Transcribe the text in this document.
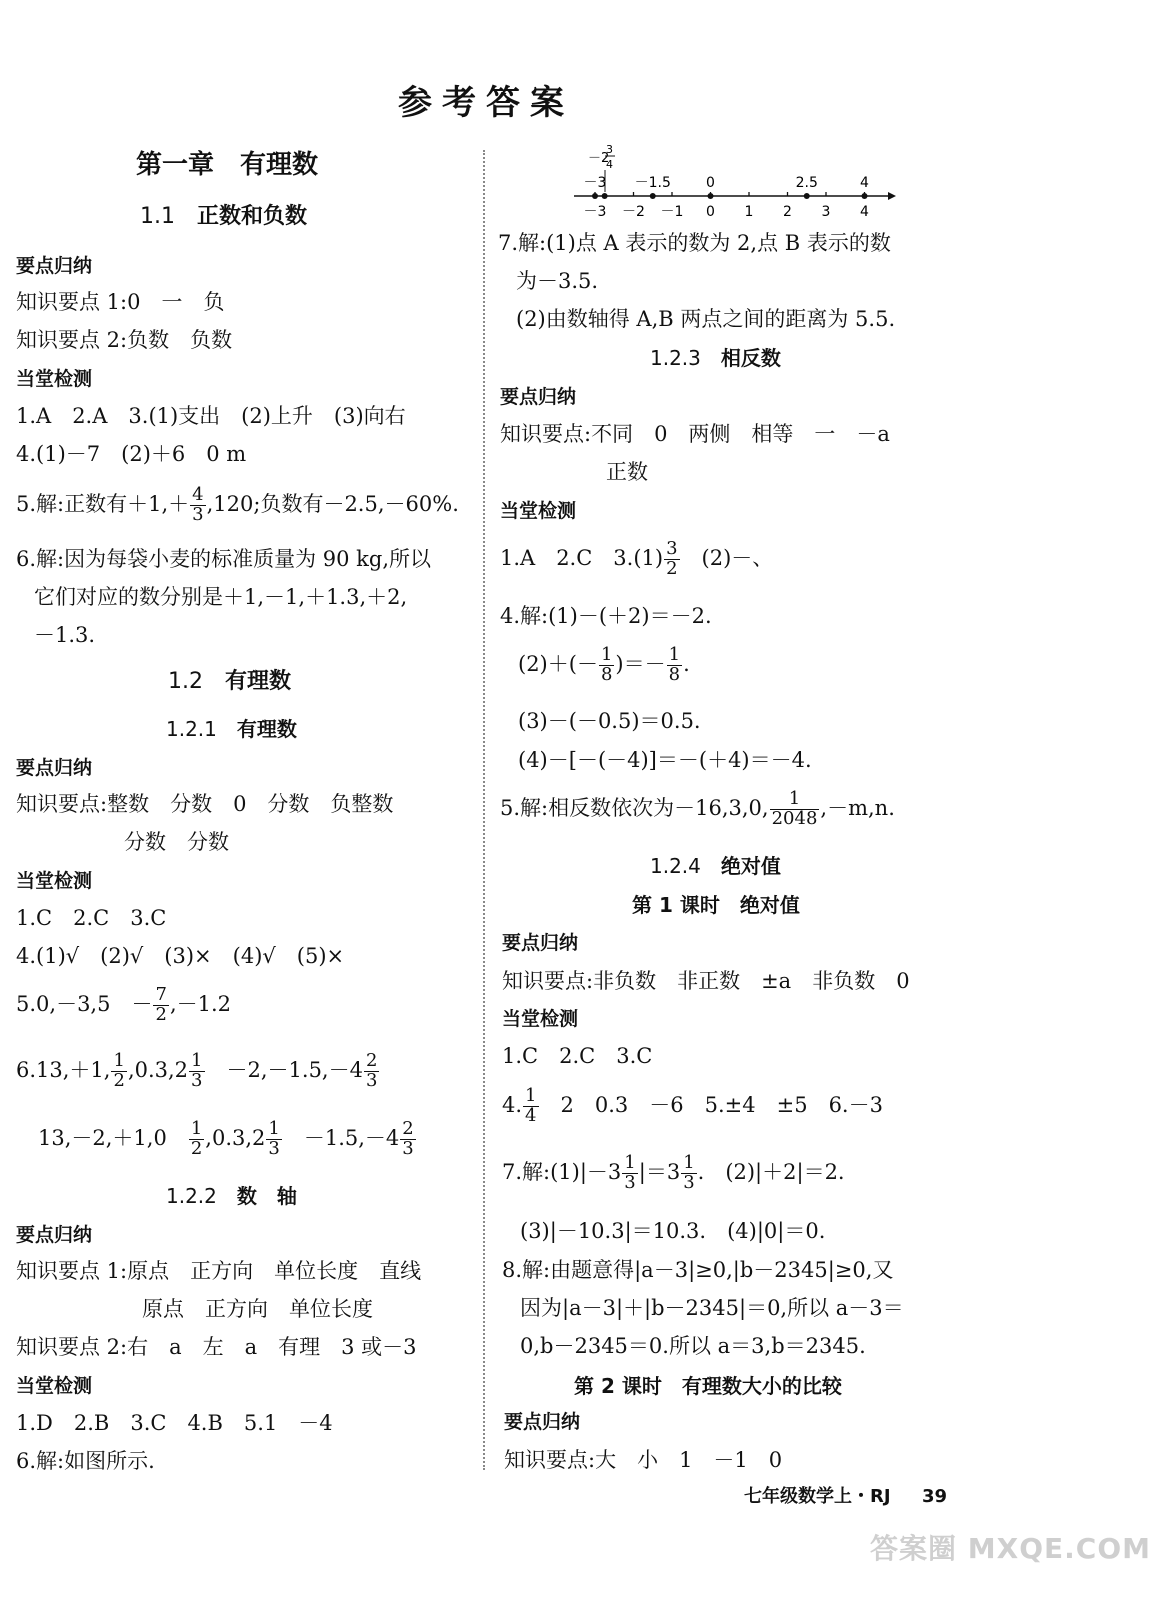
参考答案
第一章　有理数
1.1　 正数和负数
要点归纳
知识要点 1:0　一　负
知识要点 2:负数　负数
当堂检测
1.A　2.A　3.(1)支出　(2)上升　(3)向右
4.(1)－7　(2)＋6　0 m
5.解:正数有$+1,+ \frac{4}{3} ,120$;负数有－2.5,－60%.
6.解:因为每袋小麦的标准质量为 90 kg,所以
它们对应的数分别是＋1,－1,＋1.3,＋2,
－1.3.
1.2　 有理数
1.2.1　 有理数
要点归纳
知识要点:整数　分数　0　分数　负整数
分数　分数
当堂检测
1.C　2.C　3.C
4.(1)√　(2)√　(3)×　(4)√　(5)×
5.0,－3,5　－ $\frac{7}{2} ,-1.2$
6.13,＋1, $\frac{1}{2} ,0.3,2 \frac{1}{3}$ 　$-2,-1.5,-4 \frac{2}{3}$
13,－2,＋1,0　 $\frac{1}{2} ,0.3,2 \frac{1}{3}$ 　$-1.5,-4 \frac{2}{3}$
1.2.2　 数　轴
要点归纳
知识要点 1:原点　正方向　单位长度　直线
原点　正方向　单位长度
知识要点 2:右　a　左　a　有理　3 或－3
当堂检测
1.D　2.B　3.C　4.B　5.1　－4
6.解:如图所示.
－2
3
4
－3 －1.5	0	2.5	4
－3 －2 －1 0 1 2 3 4
7.解:(1)点 A 表示的数为 2,点 B 表示的数
为－3.5.
(2)由数轴得 A,B 两点之间的距离为 5.5.
1.2.3　 相反数
要点归纳
知识要点:不同　0　两侧　相等　一　－a
正数
当堂检测
1.A　2.C　$3.(1) \frac{3}{2}$ 　(2)－、
4.解:(1)－(＋2)＝－2.
$(2)+(- \frac{1}{8}$ )＝－ $\frac{1}{8}$ .
(3)－(－0.5)＝0.5.
(4)－[－(－4)]＝－(＋4)＝－4.
5.解:相反数依次为－16,3,0, $\frac{1}{2048} ,-m,n$.
1.2.4　 绝对值
第 1 课时　绝对值
要点归纳
知识要点:非负数　非正数　±a　非负数　0
当堂检测
1.C　2.C　3.C
4. $\frac{1}{4}$ 　2　0.3　－6　5.±4　±5　6.－3
7.解:(1)|－3 $\frac{1}{3} |=3 \frac{1}{3}$ .　(2)|＋2|＝2.
(3)|－10.3|＝10.3.　(4)|0|＝0.
8.解:由题意得|a－3|≥0,|b－2345|≥0,又
因为|a－3|＋|b－2345|＝0,所以 a－3＝
0,b－2345＝0.所以 a＝3,b＝2345.
第 2 课时　有理数大小的比较
要点归纳
知识要点:大　小　1　－1　0
七年级数学上・RJ 39
答案圈 MXQE.COM
